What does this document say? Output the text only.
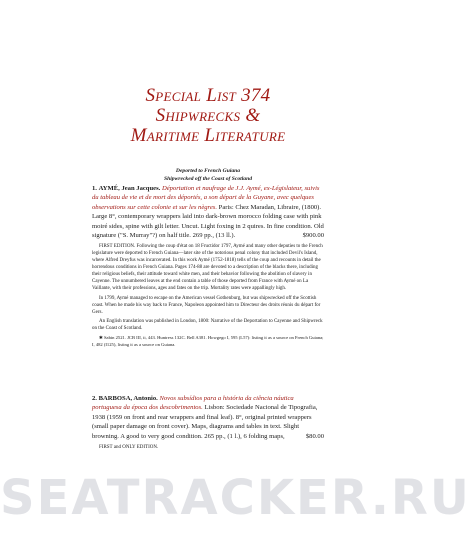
Special List 374
Shipwrecks &
Maritime Literature
Deported to French Guiana
Shipwrecked off the Coast of Scotland
1. AYMÉ, Jean Jacques. Déportation et naufrage de J.J. Aymé, ex-Législateur, suivis du tableau de vie et de mort des déportés, a son départ de la Guyane, avec quelques observations sur cette colonie et sur les nègres. Paris: Chez Maradan, Libraire, (1800). Large 8°, contemporary wrappers laid into dark-brown morocco folding case with pink moiré sides, spine with gilt letter. Uncut. Light foxing in 2 quires. In fine condition. Old signature ("S. Murray"?) on half title. 269 pp., (13 ll.).	$900.00

FIRST EDITION. Following the coup d'état on 18 Fructidor 1797, Aymé and many other deputies to the French legislature were deported to French Guiana—later site of the notorious penal colony that included Devil's Island, where Alfred Dreyfus was incarcerated. In this work Aymé (1752-1818) tells of the coup and recounts in detail the horrendous conditions in French Guiana. Pages 174-88 are devoted to a description of the blacks there, including their religious beliefs, their attitude toward white men, and their behavior following the abolition of slavery in Cayenne. The unnumbered leaves at the end contain a table of those deported from France with Aymé on La Vaillante, with their professions, ages and fates on the trip. Mortality rates were appallingly high.

In 1799, Aymé managed to escape on the American vessel Gothenburg, but was shipwrecked off the Scottish coast. When he made his way back to France, Napoleon appointed him to Directeur des droits réunis du départ for Gers.

An English translation was published in London, 1800: Narrative of the Deportation to Cayenne and Shipwreck on the Coast of Scotland.

✱ Sabin 2521. JCB III, ii, 443. Huntress 132C. Bell A381. Howgego I, 595 (L57): listing it as a source on French Guiana; I, 482 (I125), listing it as a source on Guiana.
2. BARBOSA, Antonio. Novos subsídios para a história da ciência náutica portuguesa da época dos descobrimentos. Lisbon: Sociedade Nacional de Tipografia, 1938 (1959 on front and rear wrappers and final leaf). 8°, original printed wrappers (small paper damage on front cover). Maps, diagrams and tables in text. Slight browning. A good to very good condition. 265 pp., (1 l.), 6 folding maps,	$80.00

FIRST and ONLY EDITION.

SEATRACKER.RU
